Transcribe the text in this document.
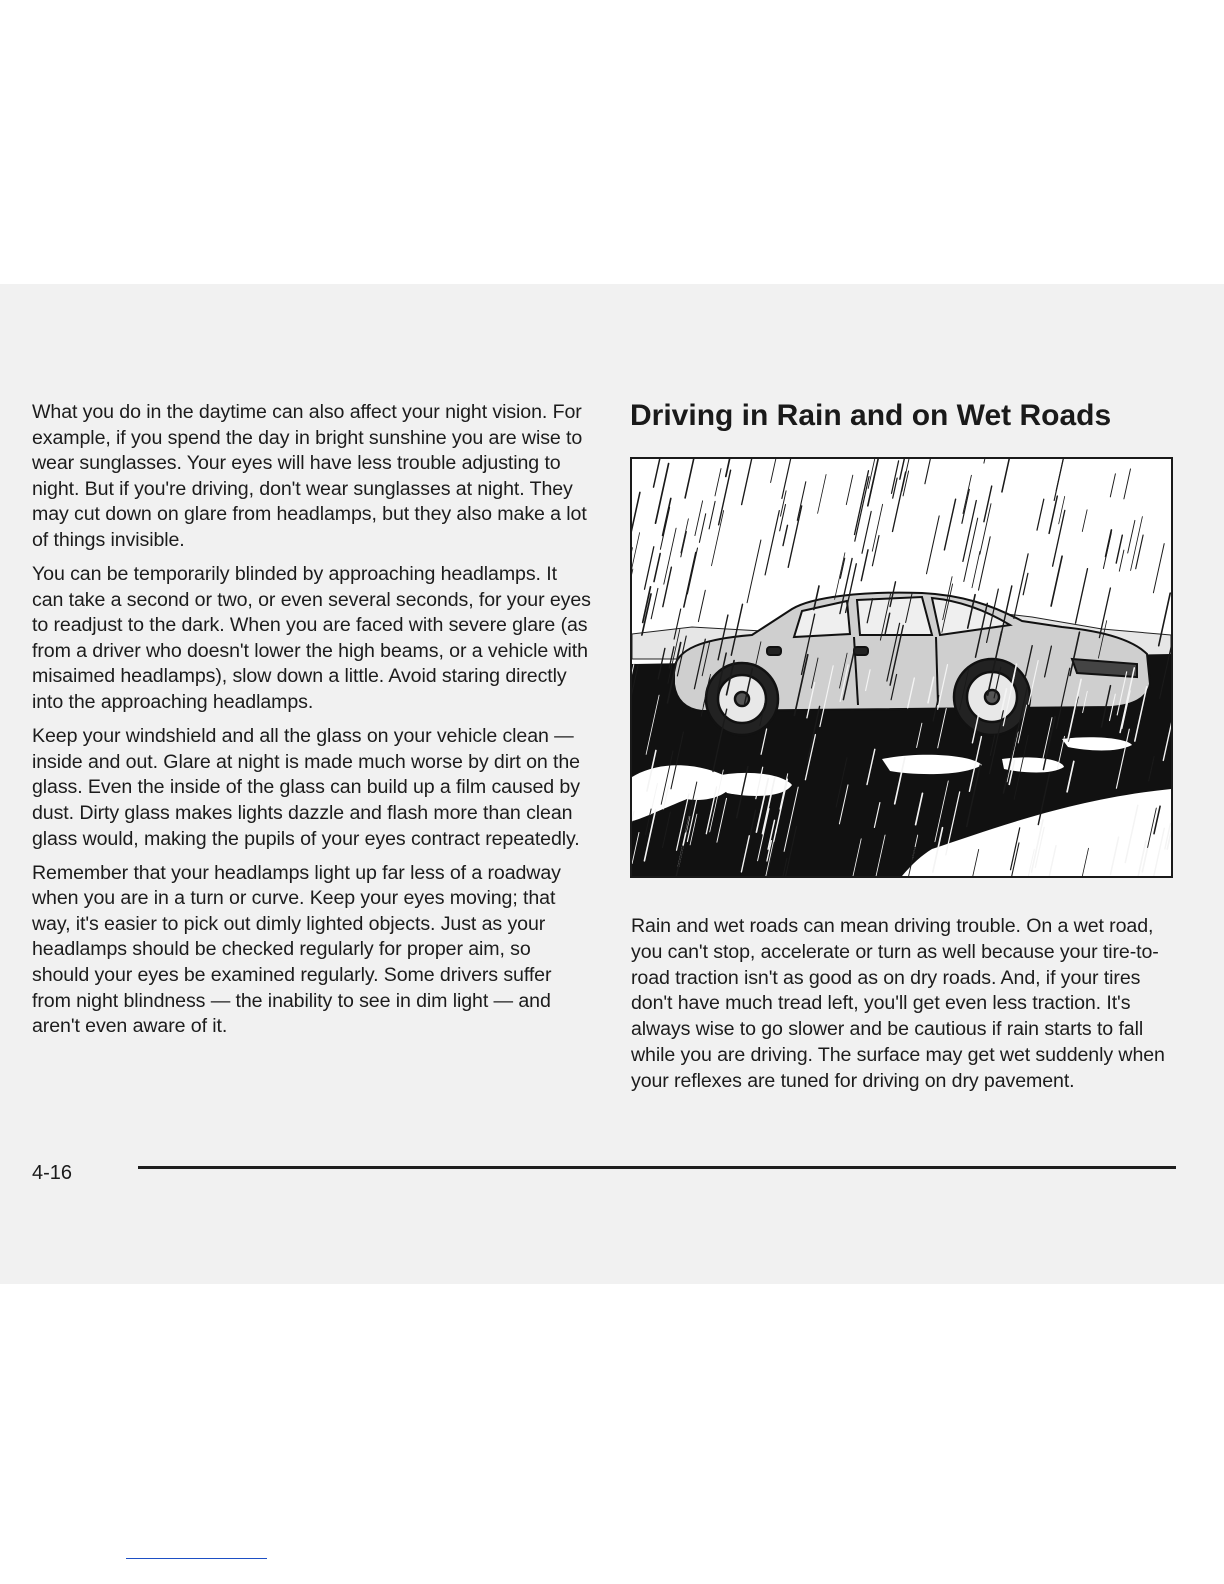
What you do in the daytime can also affect your night vision. For example, if you spend the day in bright sunshine you are wise to wear sunglasses. Your eyes will have less trouble adjusting to night. But if you're driving, don't wear sunglasses at night. They may cut down on glare from headlamps, but they also make a lot of things invisible.

You can be temporarily blinded by approaching headlamps. It can take a second or two, or even several seconds, for your eyes to readjust to the dark. When you are faced with severe glare (as from a driver who doesn't lower the high beams, or a vehicle with misaimed headlamps), slow down a little. Avoid staring directly into the approaching headlamps.

Keep your windshield and all the glass on your vehicle clean — inside and out. Glare at night is made much worse by dirt on the glass. Even the inside of the glass can build up a film caused by dust. Dirty glass makes lights dazzle and flash more than clean glass would, making the pupils of your eyes contract repeatedly.

Remember that your headlamps light up far less of a roadway when you are in a turn or curve. Keep your eyes moving; that way, it's easier to pick out dimly lighted objects. Just as your headlamps should be checked regularly for proper aim, so should your eyes be examined regularly. Some drivers suffer from night blindness — the inability to see in dim light — and aren't even aware of it.

Driving in Rain and on Wet Roads

Rain and wet roads can mean driving trouble. On a wet road, you can't stop, accelerate or turn as well because your tire-to-road traction isn't as good as on dry roads. And, if your tires don't have much tread left, you'll get even less traction. It's always wise to go slower and be cautious if rain starts to fall while you are driving. The surface may get wet suddenly when your reflexes are tuned for driving on dry pavement.

4-16
